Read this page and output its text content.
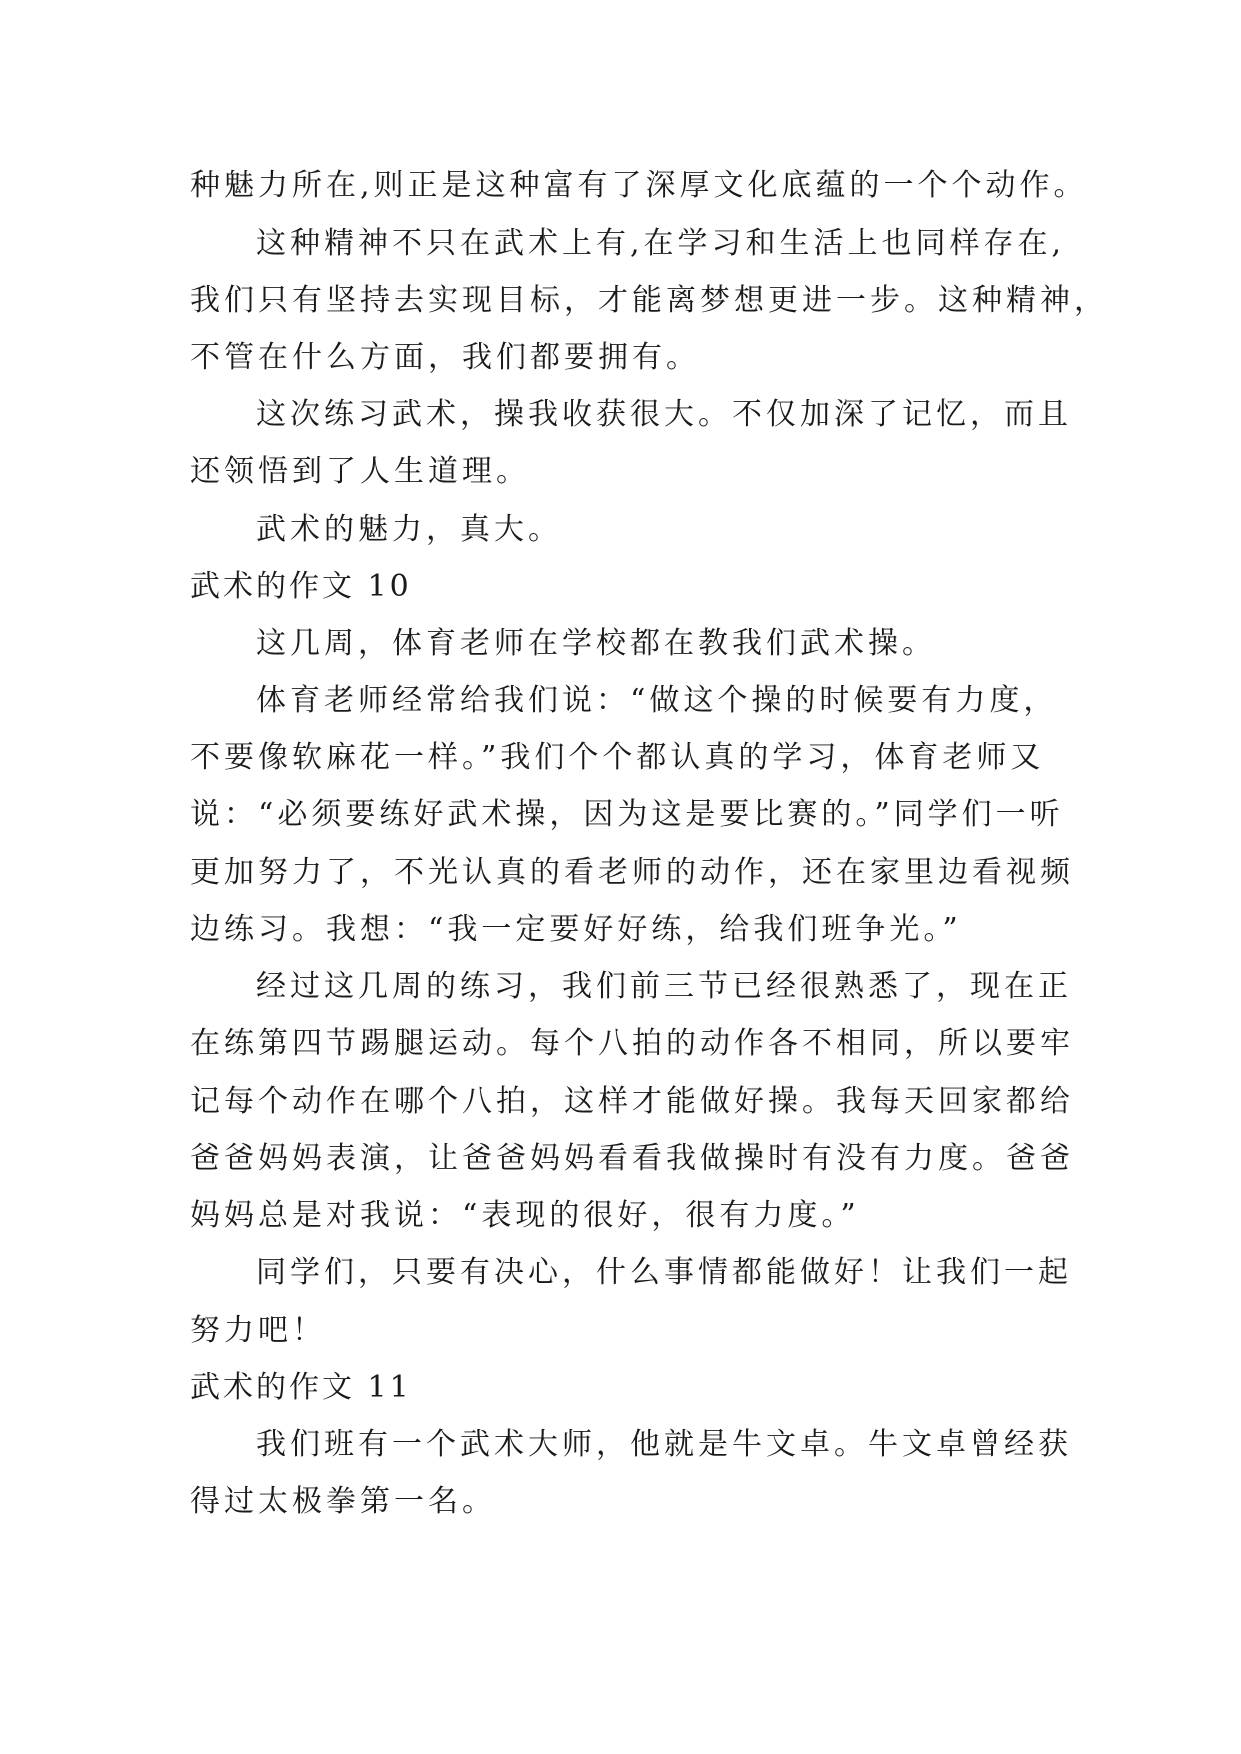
种魅力所在,则正是这种富有了深厚文化底蕴的一个个动作。
这种精神不只在武术上有,在学习和生活上也同样存在,
我们只有坚持去实现目标，才能离梦想更进一步。这种精神，
不管在什么方面，我们都要拥有。
这次练习武术，操我收获很大。不仅加深了记忆，而且
还领悟到了人生道理。
武术的魅力，真大。
武术的作文 10
这几周，体育老师在学校都在教我们武术操。
体育老师经常给我们说：“做这个操的时候要有力度，
不要像软麻花一样。”我们个个都认真的学习，体育老师又
说：“必须要练好武术操，因为这是要比赛的。”同学们一听
更加努力了，不光认真的看老师的动作，还在家里边看视频
边练习。我想：“我一定要好好练，给我们班争光。”
经过这几周的练习，我们前三节已经很熟悉了，现在正
在练第四节踢腿运动。每个八拍的动作各不相同，所以要牢
记每个动作在哪个八拍，这样才能做好操。我每天回家都给
爸爸妈妈表演，让爸爸妈妈看看我做操时有没有力度。爸爸
妈妈总是对我说：“表现的很好，很有力度。”
同学们，只要有决心，什么事情都能做好！让我们一起
努力吧！
武术的作文 11
我们班有一个武术大师，他就是牛文卓。牛文卓曾经获
得过太极拳第一名。
